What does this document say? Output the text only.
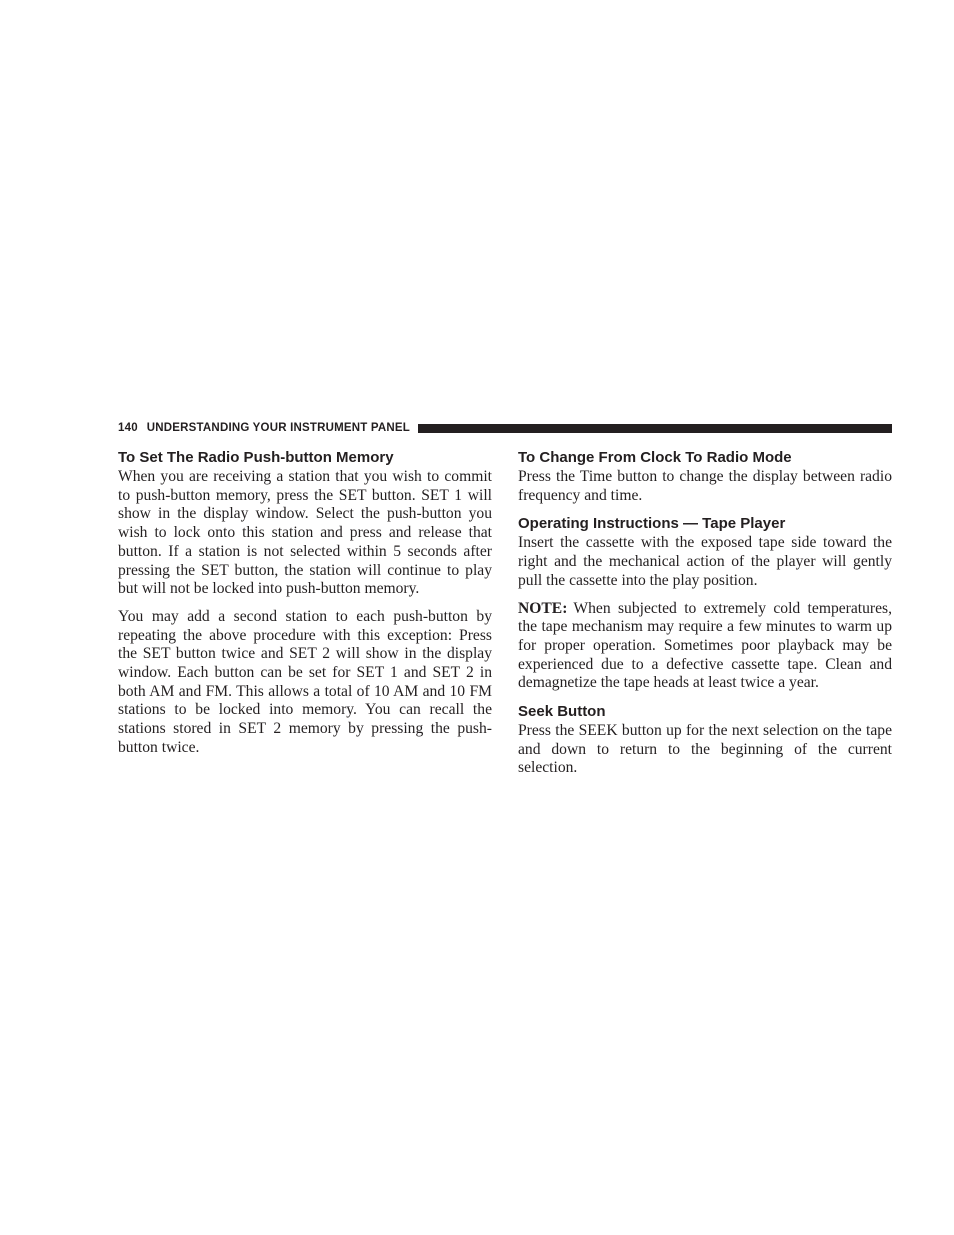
140 UNDERSTANDING YOUR INSTRUMENT PANEL
To Set The Radio Push-button Memory

When you are receiving a station that you wish to commit to push-button memory, press the SET button. SET 1 will show in the display window. Select the push-button you wish to lock onto this station and press and release that button. If a station is not selected within 5 seconds after pressing the SET button, the station will continue to play but will not be locked into push-button memory.

You may add a second station to each push-button by repeating the above procedure with this exception: Press the SET button twice and SET 2 will show in the display window. Each button can be set for SET 1 and SET 2 in both AM and FM. This allows a total of 10 AM and 10 FM stations to be locked into memory. You can recall the stations stored in SET 2 memory by pressing the push-button twice.

To Change From Clock To Radio Mode

Press the Time button to change the display between radio frequency and time.

Operating Instructions — Tape Player

Insert the cassette with the exposed tape side toward the right and the mechanical action of the player will gently pull the cassette into the play position.

NOTE: When subjected to extremely cold temperatures, the tape mechanism may require a few minutes to warm up for proper operation. Sometimes poor playback may be experienced due to a defective cassette tape. Clean and demagnetize the tape heads at least twice a year.

Seek Button

Press the SEEK button up for the next selection on the tape and down to return to the beginning of the current selection.
